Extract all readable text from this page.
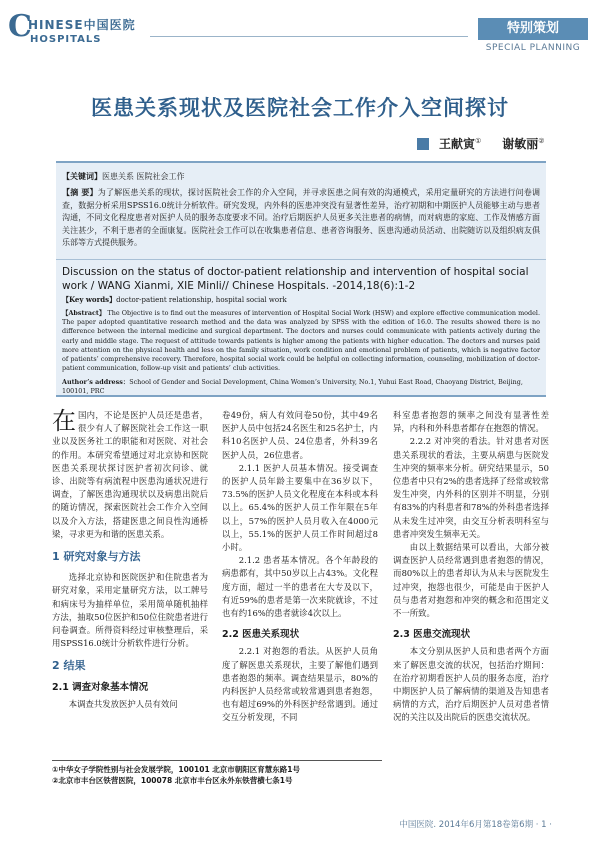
C
HINESE中国医院
HOSPITALS
特别策划
SPECIAL PLANNING
医患关系现状及医院社会工作介入空间探讨
王献寅① 谢敏丽②
【关键词】医患关系 医院社会工作
【摘 要】为了解医患关系的现状，探讨医院社会工作的介入空间，并寻求医患之间有效的沟通模式，采用定量研究的方法进行问卷调查，数据分析采用SPSS16.0统计分析软件。研究发现，内外科的医患冲突没有显著性差异，治疗初期和中期医护人员能够主动与患者沟通，不同文化程度患者对医护人员的服务态度要求不同。治疗后期医护人员更多关注患者的病情，而对病患的家庭、工作及情感方面关注甚少，不利于患者的全面康复。医院社会工作可以在收集患者信息、患者咨询服务、医患沟通动员活动、出院随访以及组织病友俱乐部等方式提供服务。
Discussion on the status of doctor-patient relationship and intervention of hospital social work / WANG Xianmi, XIE Minli// Chinese Hospitals. -2014,18(6):1-2
【Key words】doctor-patient relationship, hospital social work
【Abstract】 The Objective is to find out the measures of intervention of Hospital Social Work (HSW) and explore effective communication model. The paper adopted quantitative research method and the data was analyzed by SPSS with the edition of 16.0. The results showed there is no difference between the internal medicine and surgical department. The doctors and nurses could communicate with patients actively during the early and middle stage. The request of attitude towards patients is higher among the patients with higher education. The doctors and nurses paid more attention on the physical health and less on the family situation, work condition and emotional problem of patients, which is negative factor of patients’ comprehensive recovery. Therefore, hospital social work could be helpful on collecting information, counseling, mobilization of doctor-patient communication, follow-up visit and patients’ club activities.
Author’s address：School of Gender and Social Development, China Women’s University, No.1, Yuhui East Road, Chaoyang District, Beijing, 100101, PRC

在国内，不论是医护人员还是患者，很少有人了解医院社会工作这一职业以及医务社工的职能和对医院、对社会的作用。本研究希望通过对北京协和医院医患关系现状探讨医护者初次问诊、就诊、出院等有病流程中医患沟通状况进行调查，了解医患沟通现状以及病患出院后的随访情况，探索医院社会工作介入空间以及介入方法，搭建医患之间良性沟通桥梁，寻求更为和谐的医患关系。

1 研究对象与方法

选择北京协和医院医护和住院患者为研究对象，采用定量研究方法，以工牌号和病床号为抽样单位，采用简单随机抽样方法，抽取50位医护和50位住院患者进行问卷调查。所得资料经过审核整理后，采用SPSS16.0统计分析软件进行分析。

2 结果
2.1 调查对象基本情况

本调查共发放医护人员有效问

卷49份，病人有效问卷50份，其中49名医护人员中包括24名医生和25名护士，内科10名医护人员、24位患者，外科39名医护人员，26位患者。

2.1.1 医护人员基本情况。接受调查的医护人员年龄主要集中在36岁以下，73.5%的医护人员文化程度在本科或本科以上。65.4%的医护人员工作年限在5年以上，57%的医护人员月收入在4000元以上，55.1%的医护人员工作时间超过8小时。

2.1.2 患者基本情况。各个年龄段的病患都有，其中50岁以上占43%。文化程度方面，超过一半的患者在大专及以下，有近59%的患者是第一次来院就诊，不过也有约16%的患者就诊4次以上。

2.2 医患关系现状

2.2.1 对抱怨的看法。从医护人员角度了解医患关系现状，主要了解他们遇到患者抱怨的频率。调查结果显示，80%的内科医护人员经常或较常遇到患者抱怨，也有超过69%的外科医护经常遇到。通过交互分析发现，不同

科室患者抱怨的频率之间没有显著性差异，内科和外科患者都存在抱怨的情况。

2.2.2 对冲突的看法。针对患者对医患关系现状的看法，主要从病患与医院发生冲突的频率来分析。研究结果显示，50位患者中只有2%的患者选择了经常或较常发生冲突，内外科的区别并不明显，分别有83%的内科患者和78%的外科患者选择从未发生过冲突，由交互分析表明科室与患者冲突发生频率无关。

由以上数据结果可以看出，大部分被调查医护人员经常遇到患者抱怨的情况，而80%以上的患者却认为从未与医院发生过冲突，抱怨也很少，可能是由于医护人员与患者对抱怨和冲突的概念和范围定义不一所致。

2.3 医患交流现状

本文分别从医护人员和患者两个方面来了解医患交流的状况，包括治疗期间：在治疗初期看医护人员的服务态度，治疗中期医护人员了解病情的渠道及告知患者病情的方式，治疗后期医护人员对患者情况的关注以及出院后的医患交流状况。

①中华女子学院性别与社会发展学院，100101 北京市朝阳区育慧东路1号
②北京市丰台区铁营医院，100078 北京市丰台区永外东铁营横七条1号
中国医院. 2014年6月第18卷第6期 · 1 ·
